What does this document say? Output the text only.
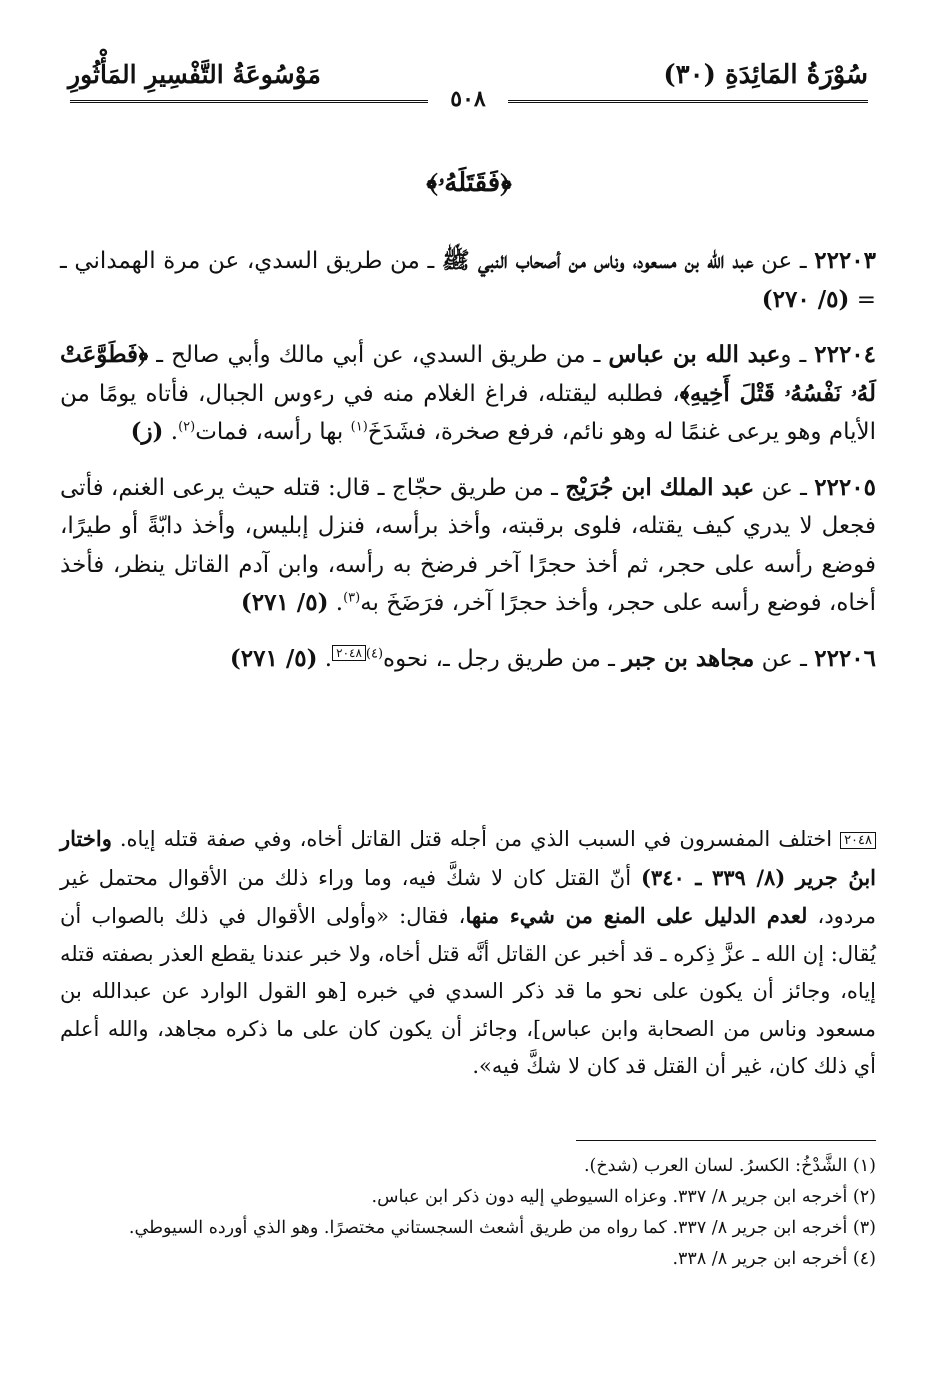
سُوْرَةُ المَائِدَةِ (٣٠)
مَوْسُوعَةُ التَّفْسِيرِ المَأْثُورِ
٥٠٨
﴿فَقَتَلَهُۥ﴾

٢٢٢٠٣ ـ عن عبد الله بن مسعود، وناس من أصحاب النبي ﷺ ـ من طريق السدي، عن مرة الهمداني ـ = (٥/ ٢٧٠)

٢٢٢٠٤ ـ وعبد الله بن عباس ـ من طريق السدي، عن أبي مالك وأبي صالح ـ ﴿فَطَوَّعَتْ لَهُۥ نَفْسُهُۥ قَتْلَ أَخِيهِ﴾، فطلبه ليقتله، فراغ الغلام منه في رءوس الجبال، فأتاه يومًا من الأيام وهو يرعى غنمًا له وهو نائم، فرفع صخرة، فشَدَخَ$^{(١)}$ بها رأسه، فمات$^{(٢)}$. (ز)

٢٢٢٠٥ ـ عن عبد الملك ابن جُرَيْج ـ من طريق حجّاج ـ قال: قتله حيث يرعى الغنم، فأتى فجعل لا يدري كيف يقتله، فلوى برقبته، وأخذ برأسه، فنزل إبليس، وأخذ دابّةً أو طيرًا، فوضع رأسه على حجر، ثم أخذ حجرًا آخر فرضخ به رأسه، وابن آدم القاتل ينظر، فأخذ أخاه، فوضع رأسه على حجر، وأخذ حجرًا آخر، فرَضَخَ به$^{(٣)}$. (٥/ ٢٧١)

٢٢٢٠٦ ـ عن مجاهد بن جبر ـ من طريق رجل ـ، نحوه$^{(٤)}$٢٠٤٨. (٥/ ٢٧١)

٢٠٤٨ اختلف المفسرون في السبب الذي من أجله قتل القاتل أخاه، وفي صفة قتله إياه. واختار ابنُ جرير (٨/ ٣٣٩ ـ ٣٤٠) أنّ القتل كان لا شكَّ فيه، وما وراء ذلك من الأقوال محتمل غير مردود، لعدم الدليل على المنع من شيء منها، فقال: «وأولى الأقوال في ذلك بالصواب أن يُقال: إن الله ـ عزَّ ذِكره ـ قد أخبر عن القاتل أنَّه قتل أخاه، ولا خبر عندنا يقطع العذر بصفته قتله إياه، وجائز أن يكون على نحو ما قد ذكر السدي في خبره [هو القول الوارد عن عبدالله بن مسعود وناس من الصحابة وابن عباس]، وجائز أن يكون كان على ما ذكره مجاهد، والله أعلم أي ذلك كان، غير أن القتل قد كان لا شكَّ فيه».

(١) الشَّدْخُ: الكسرُ. لسان العرب (شدخ).

(٢) أخرجه ابن جرير ٨/ ٣٣٧. وعزاه السيوطي إليه دون ذكر ابن عباس.

(٣) أخرجه ابن جرير ٨/ ٣٣٧. كما رواه من طريق أشعث السجستاني مختصرًا. وهو الذي أورده السيوطي.

(٤) أخرجه ابن جرير ٨/ ٣٣٨.
